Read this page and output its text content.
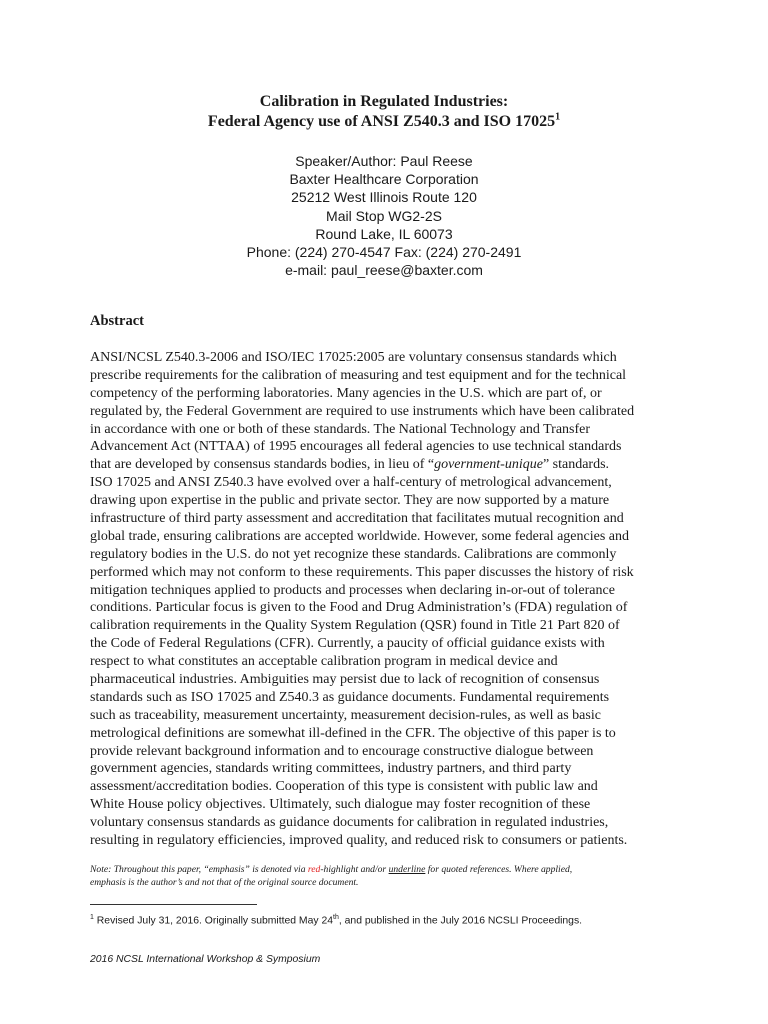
Calibration in Regulated Industries:
Federal Agency use of ANSI Z540.3 and ISO 17025$^1$
Speaker/Author: Paul Reese
Baxter Healthcare Corporation
25212 West Illinois Route 120
Mail Stop WG2-2S
Round Lake, IL 60073
Phone: (224) 270-4547 Fax: (224) 270-2491
e-mail: paul_reese@baxter.com
Abstract
ANSI/NCSL Z540.3-2006 and ISO/IEC 17025:2005 are voluntary consensus standards which
prescribe requirements for the calibration of measuring and test equipment and for the technical
competency of the performing laboratories. Many agencies in the U.S. which are part of, or
regulated by, the Federal Government are required to use instruments which have been calibrated
in accordance with one or both of these standards. The National Technology and Transfer
Advancement Act (NTTAA) of 1995 encourages all federal agencies to use technical standards
that are developed by consensus standards bodies, in lieu of “government-unique” standards.
ISO 17025 and ANSI Z540.3 have evolved over a half-century of metrological advancement,
drawing upon expertise in the public and private sector. They are now supported by a mature
infrastructure of third party assessment and accreditation that facilitates mutual recognition and
global trade, ensuring calibrations are accepted worldwide. However, some federal agencies and
regulatory bodies in the U.S. do not yet recognize these standards. Calibrations are commonly
performed which may not conform to these requirements. This paper discusses the history of risk
mitigation techniques applied to products and processes when declaring in-or-out of tolerance
conditions. Particular focus is given to the Food and Drug Administration’s (FDA) regulation of
calibration requirements in the Quality System Regulation (QSR) found in Title 21 Part 820 of
the Code of Federal Regulations (CFR). Currently, a paucity of official guidance exists with
respect to what constitutes an acceptable calibration program in medical device and
pharmaceutical industries. Ambiguities may persist due to lack of recognition of consensus
standards such as ISO 17025 and Z540.3 as guidance documents. Fundamental requirements
such as traceability, measurement uncertainty, measurement decision-rules, as well as basic
metrological definitions are somewhat ill-defined in the CFR. The objective of this paper is to
provide relevant background information and to encourage constructive dialogue between
government agencies, standards writing committees, industry partners, and third party
assessment/accreditation bodies. Cooperation of this type is consistent with public law and
White House policy objectives. Ultimately, such dialogue may foster recognition of these
voluntary consensus standards as guidance documents for calibration in regulated industries,
resulting in regulatory efficiencies, improved quality, and reduced risk to consumers or patients.
Note: Throughout this paper, “emphasis” is denoted via red-highlight and/or underline for quoted references. Where applied,
emphasis is the author’s and not that of the original source document.
$^1$ Revised July 31, 2016. Originally submitted May 24th, and published in the July 2016 NCSLI Proceedings.
2016 NCSL International Workshop & Symposium
